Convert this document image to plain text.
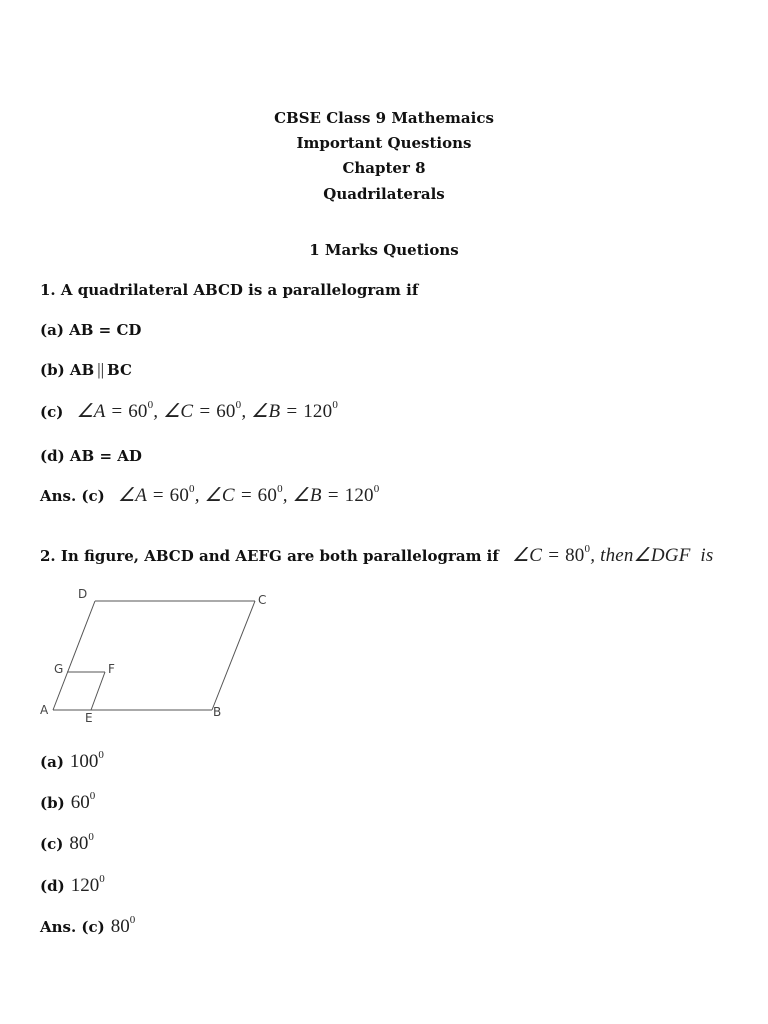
CBSE Class 9 Mathemaics
Important Questions
Chapter 8
Quadrilaterals
1 Marks Quetions
1. A quadrilateral ABCD is a parallelogram if
(a) AB = CD
(b) AB || BC
(c) ∠A = $60^0$, ∠C = $60^0$, ∠B = $120^0$
(d) AB = AD
Ans. (c) ∠A = $60^0$, ∠C = $60^0$, ∠B = $120^0$
2. In figure, ABCD and AEFG are both parallelogram if ∠C = $80^0$, then∠DGF  is
D	C
G	F
A
E	B
(a) $100^0$
(b) $60^0$
(c) $80^0$
(d) $120^0$
Ans. (c) $80^0$
